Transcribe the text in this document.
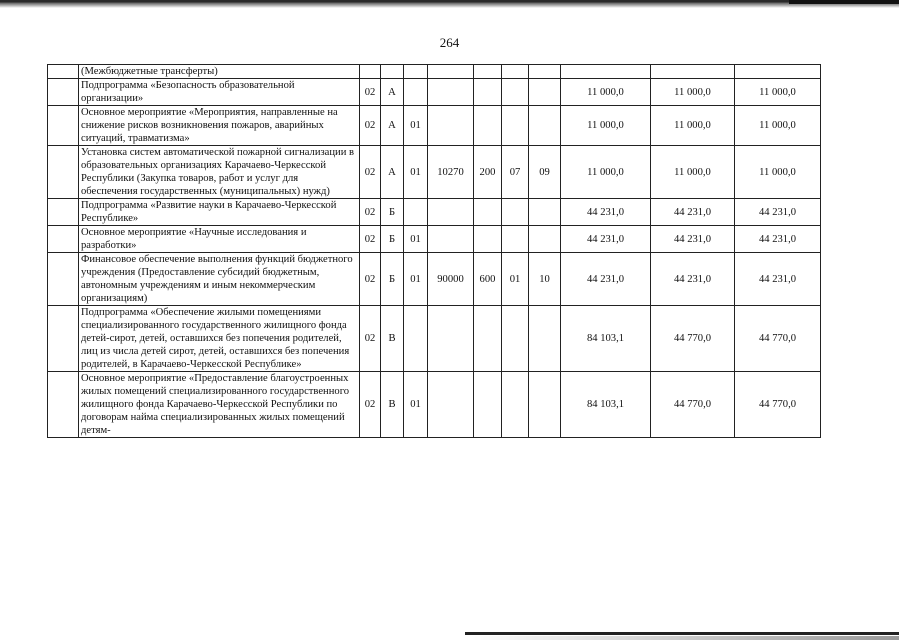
264
	(Межбюджетные трансферты)										
	Подпрограмма «Безопасность образовательной организации»	02	А						11 000,0	11 000,0	11 000,0
	Основное мероприятие «Мероприятия, направленные на снижение рисков возникновения пожаров, аварийных ситуаций, травматизма»	02	А	01					11 000,0	11 000,0	11 000,0
	Установка систем автоматической пожарной сигнализации в образовательных организациях Карачаево-Черкесской Республики (Закупка товаров, работ и услуг для обеспечения государственных (муниципальных) нужд)	02	А	01	10270	200	07	09	11 000,0	11 000,0	11 000,0
	Подпрограмма «Развитие науки в Карачаево-Черкесской Республике»	02	Б						44 231,0	44 231,0	44 231,0
	Основное мероприятие «Научные исследования и разработки»	02	Б	01					44 231,0	44 231,0	44 231,0
	Финансовое обеспечение выполнения функций бюджетного учреждения (Предоставление субсидий бюджетным, автономным учреждениям и иным некоммерческим организациям)	02	Б	01	90000	600	01	10	44 231,0	44 231,0	44 231,0
	Подпрограмма «Обеспечение жилыми помещениями специализированного государственного жилищного фонда детей-сирот, детей, оставшихся без попечения родителей, лиц из числа детей сирот, детей, оставшихся без попечения родителей, в Карачаево-Черкесской Республике»	02	В						84 103,1	44 770,0	44 770,0
	Основное мероприятие «Предоставление благоустроенных жилых помещений специализированного государственного жилищного фонда Карачаево-Черкесской Республики по договорам найма специализированных жилых помещений детям-	02	В	01					84 103,1	44 770,0	44 770,0
